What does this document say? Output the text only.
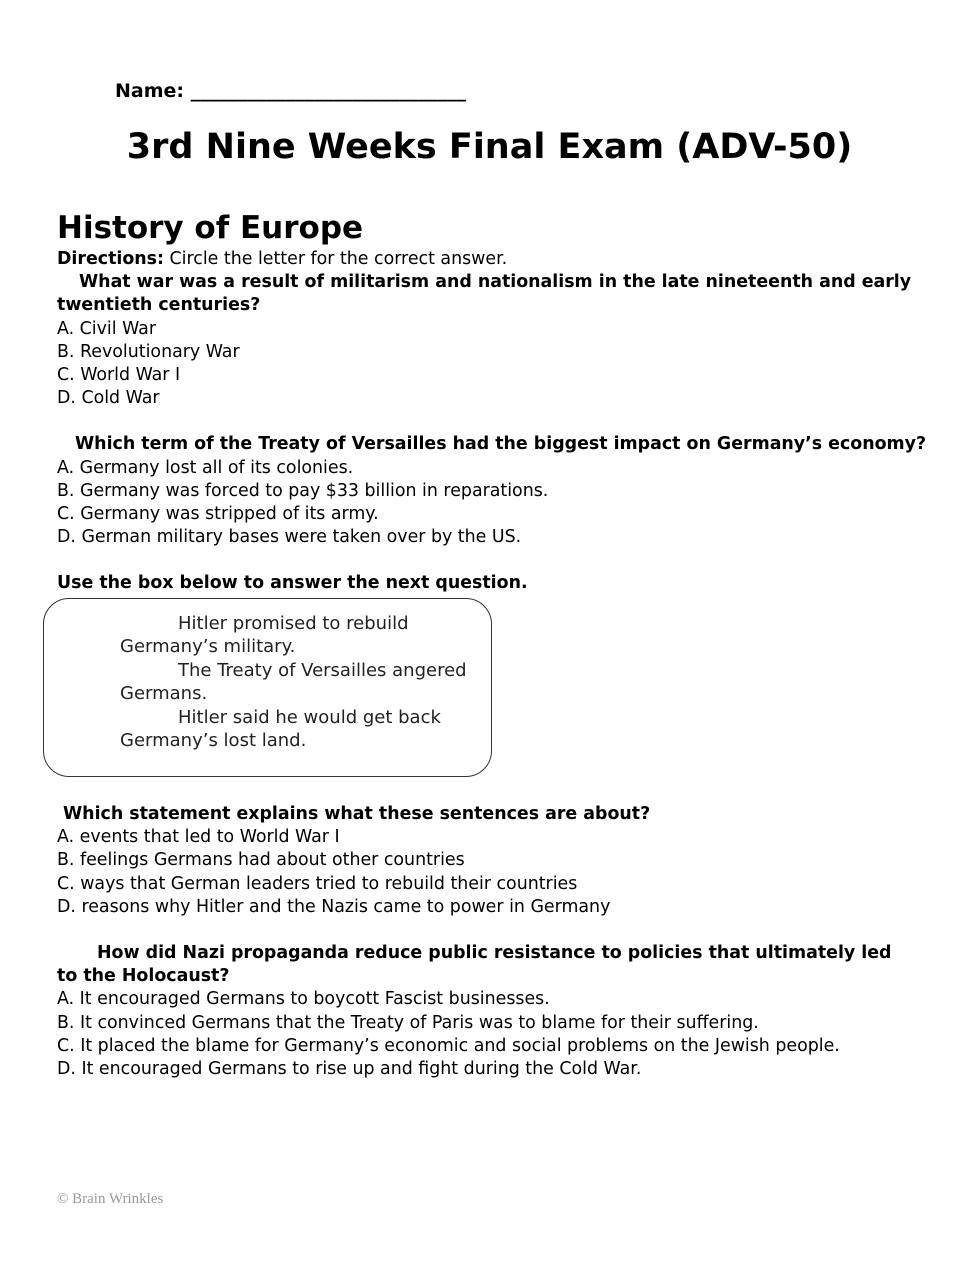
Name: _____________________________
3rd Nine Weeks Final Exam (ADV-50)
History of Europe
Directions: Circle the letter for the correct answer.
What war was a result of militarism and nationalism in the late nineteenth and early twentieth centuries?
A. Civil War
B. Revolutionary War
C. World War I
D. Cold War
Which term of the Treaty of Versailles had the biggest impact on Germany’s economy?
A. Germany lost all of its colonies.
B. Germany was forced to pay $33 billion in reparations.
C. Germany was stripped of its army.
D. German military bases were taken over by the US.
Use the box below to answer the next question.
Hitler promised to rebuild
Germany’s military.
The Treaty of Versailles angered
Germans.
Hitler said he would get back
Germany’s lost land.
Which statement explains what these sentences are about?
A. events that led to World War I
B. feelings Germans had about other countries
C. ways that German leaders tried to rebuild their countries
D. reasons why Hitler and the Nazis came to power in Germany
How did Nazi propaganda reduce public resistance to policies that ultimately led to the Holocaust?
A. It encouraged Germans to boycott Fascist businesses.
B. It convinced Germans that the Treaty of Paris was to blame for their suffering.
C. It placed the blame for Germany’s economic and social problems on the Jewish people.
D. It encouraged Germans to rise up and fight during the Cold War.
© Brain Wrinkles
